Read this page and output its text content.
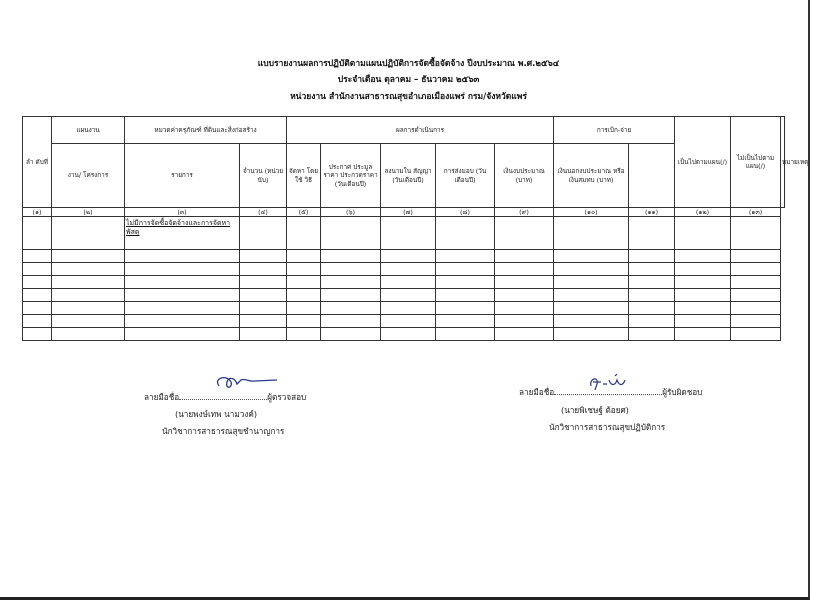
แบบรายงานผลการปฏิบัติตามแผนปฏิบัติการจัดซื้อจัดจ้าง ปีงบประมาณ พ.ศ.๒๕๖๔
ประจำเดือน ตุลาคม – ธันวาคม ๒๕๖๓
หน่วยงาน สำนักงานสาธารณสุขอำเภอเมืองแพร่ กรม/จังหวัดแพร่
ลำ ดับที่	แผนงาน	หมวดค่าครุภัณฑ์ ที่ดินและสิ่งก่อสร้าง		ผลการดำเนินการ					การเบิก-จ่าย		เป็นไปตามแผน(/)	ไม่เป็นไปตามแผน(/)	หมายเหตุ
	งาน/ โครงการ	รายการ	จำนวน (หน่วยนับ)	จัดหา โดยใช้ วิธี	ประกาศ ประมูลราคา ประกวดราคา (วันเดือนปี)	ลงนามใน สัญญา (วันเดือนปี)	การส่งมอบ (วันเดือนปี)	เงินงบประมาณ (บาท)	เงินนอกงบประมาณ หรือเงินสมทบ (บาท)				
(๑)	(๒)	(๓)	(๔)	(๕)	(๖)	(๗)	(๘)	(๙)	(๑๐)	(๑๑)	(๑๒)	(๑๓)	
		ไม่มีการจัดซื้อจัดจ้างและการจัดหาพัสดุ											

ลายมือชื่อ	ผู้ตรวจสอบ
(นายพงษ์เทพ นามวงค์)
นักวิชาการสาธารณสุขชำนาญการ
ลายมือชื่อ	ผู้รับผิดชอบ
(นายพิเชษฐ์ ต้อยศ)
นักวิชาการสาธารณสุขปฏิบัติการ
